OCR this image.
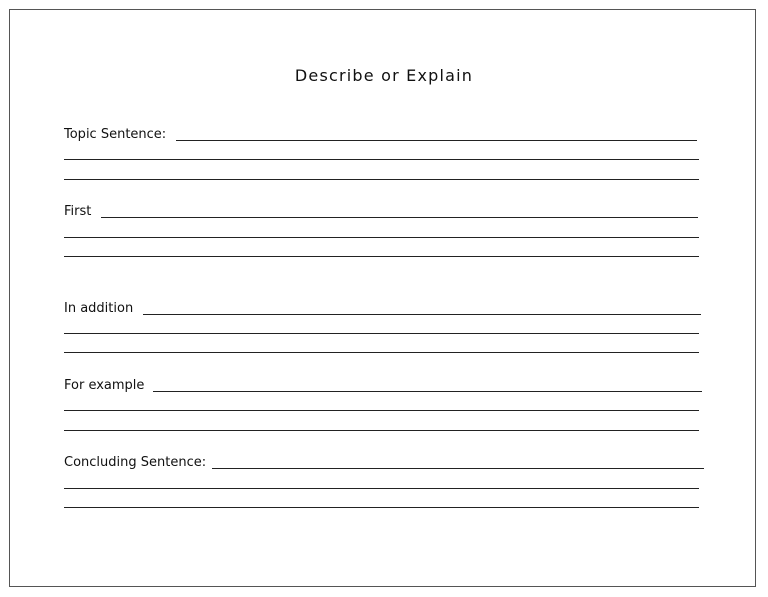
Describe or Explain
Topic Sentence:
First
In addition
For example
Concluding Sentence:
